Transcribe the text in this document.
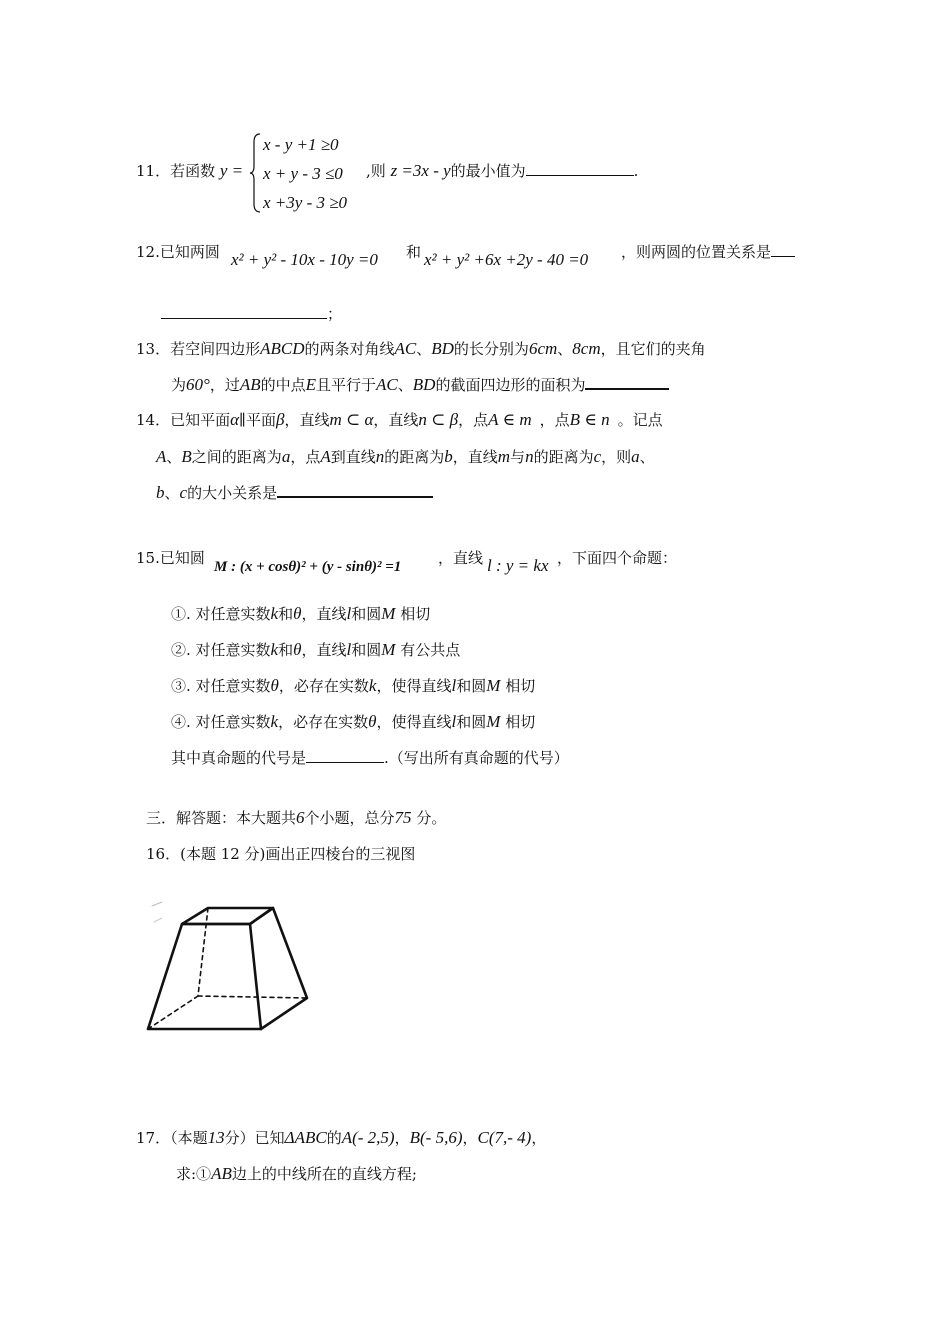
11．若函数 y =
x - y +1 ≥0
x + y - 3 ≤0
x +3y - 3 ≥0
,则 z =3x - y的最小值为	.
12.已知两圆 x² + y² - 10x - 10y =0 和 x² + y² +6x +2y - 40 =0 ，则两圆的位置关系是
；
13．若空间四边形ABCD的两条对角线AC、BD的长分别为6cm、8cm，且它们的夹角
为60°，过AB的中点E且平行于AC、BD的截面四边形的面积为
14．已知平面α∥平面β，直线m ⊂ α，直线n ⊂ β，点A ∈ m ，点B ∈ n 。记点
A、B之间的距离为a，点A到直线n的距离为b，直线m与n的距离为c，则a、
b、c的大小关系是
15.已知圆 M : (x + cosθ)² + (y - sinθ)² =1 ，直线 l : y = kx ，下面四个命题：
①. 对任意实数k和θ，直线l和圆M 相切
②. 对任意实数k和θ，直线l和圆M 有公共点
③. 对任意实数θ，必存在实数k，使得直线l和圆M 相切
④. 对任意实数k，必存在实数θ，使得直线l和圆M 相切
其中真命题的代号是	.（写出所有真命题的代号）
三．解答题：本大题共6个小题，总分75 分。
16．(本题 12 分)画出正四棱台的三视图
17．（本题13分）已知ΔABC的A(- 2,5)，B(- 5,6)，C(7,- 4)，
求:①AB边上的中线所在的直线方程;
